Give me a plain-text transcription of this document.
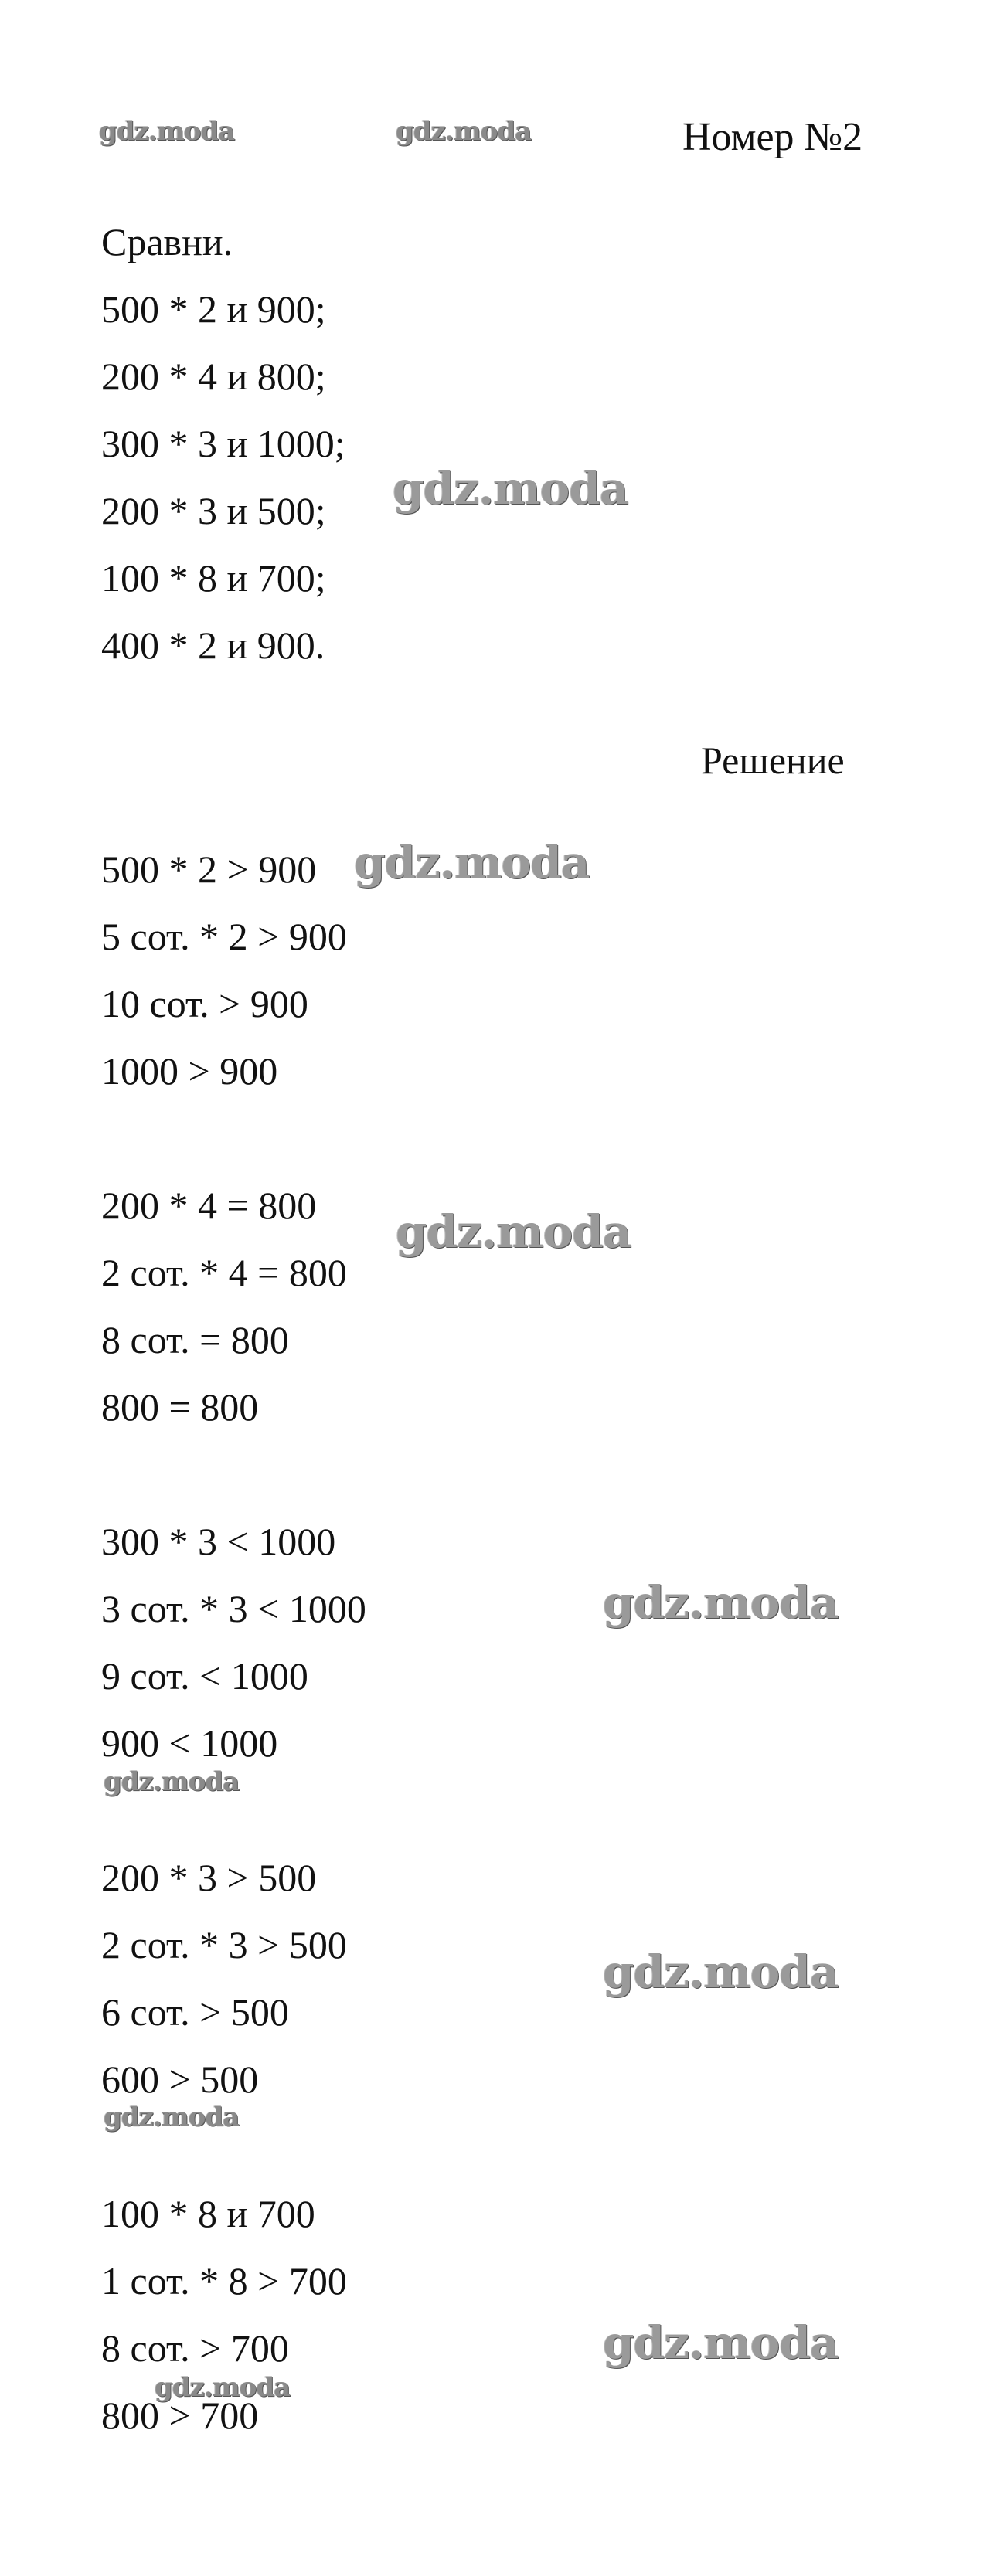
gdz.moda	gdz.moda	Номер №2
Сравни.
500 * 2 и 900;
200 * 4 и 800;
300 * 3 и 1000;
200 * 3 и 500;
100 * 8 и 700;
400 * 2 и 900.
gdz.moda
Решение
500 * 2 > 900
5 сот. * 2 > 900
10 сот. > 900
1000 > 900
gdz.moda
200 * 4 = 800
2 сот. * 4 = 800
8 сот. = 800
800 = 800
gdz.moda
300 * 3 < 1000
3 сот. * 3 < 1000
9 сот. < 1000
900 < 1000
gdz.moda
gdz.moda
200 * 3 > 500
2 сот. * 3 > 500
6 сот. > 500
600 > 500
gdz.moda
gdz.moda
100 * 8 и 700
1 сот. * 8 > 700
8 сот. > 700
800 > 700
gdz.moda
gdz.moda
